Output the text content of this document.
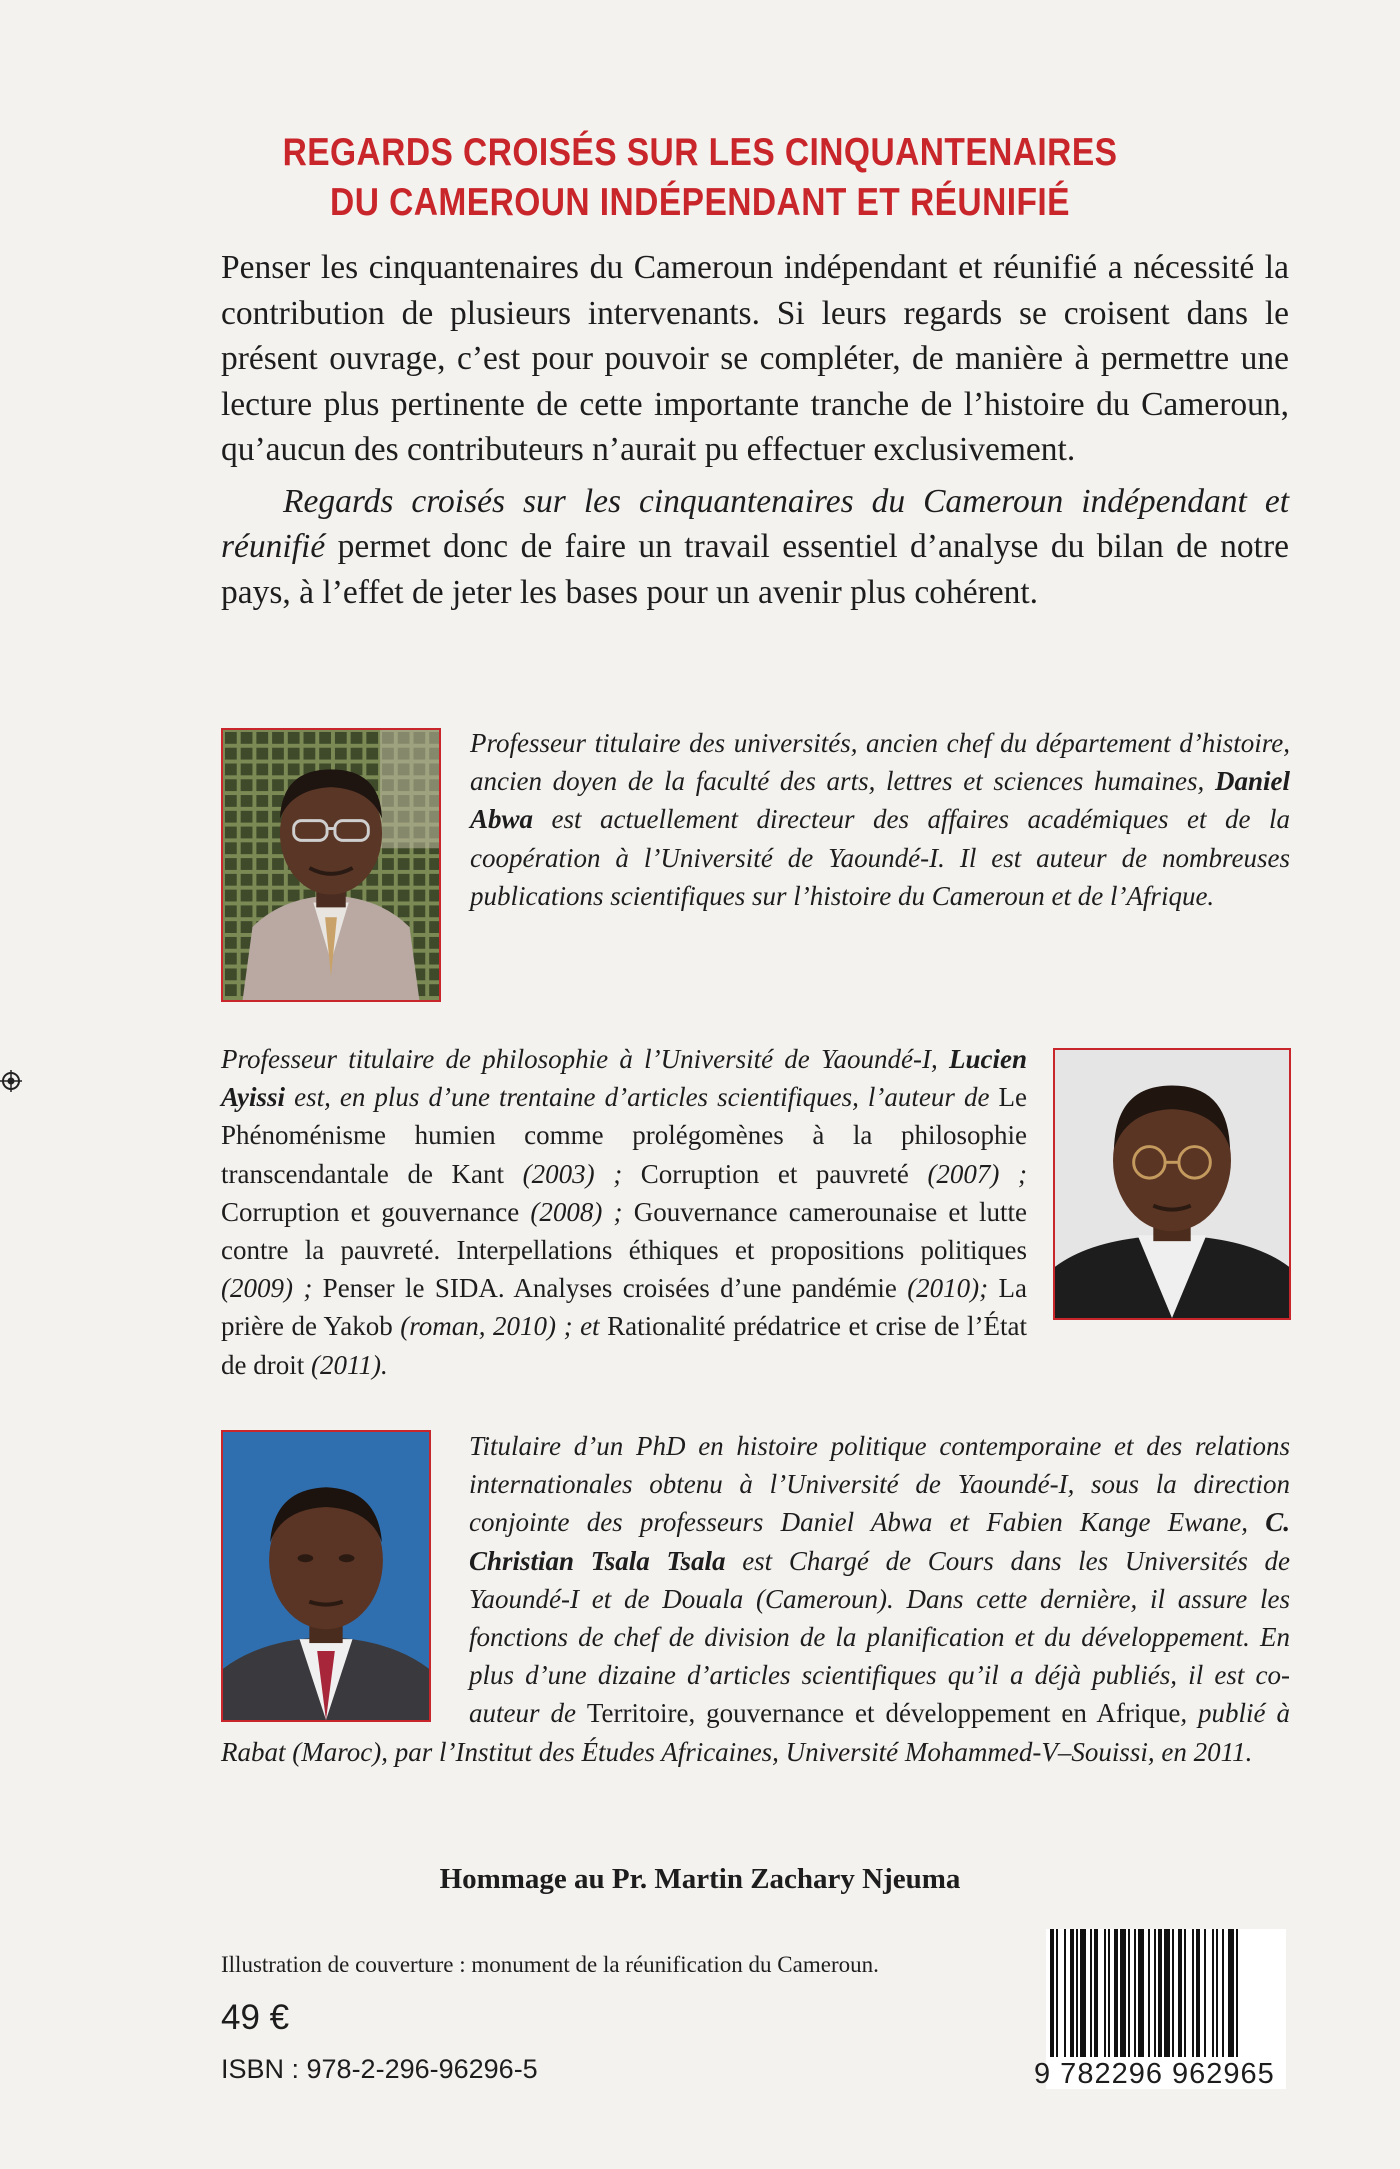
REGARDS CROISÉS SUR LES CINQUANTENAIRES
DU CAMEROUN INDÉPENDANT ET RÉUNIFIÉ

Penser les cinquantenaires du Cameroun indépendant et réunifié a nécessité la contribution de plusieurs intervenants. Si leurs regards se croisent dans le présent ouvrage, c’est pour pouvoir se compléter, de manière à permettre une lecture plus pertinente de cette importante tranche de l’histoire du Cameroun, qu’aucun des contributeurs n’aurait pu effectuer exclusivement.

Regards croisés sur les cinquantenaires du Cameroun indépendant et réunifié permet donc de faire un travail essentiel d’analyse du bilan de notre pays, à l’effet de jeter les bases pour un avenir plus cohérent.

Professeur titulaire des universités, ancien chef du département d’histoire, ancien doyen de la faculté des arts, lettres et sciences humaines, Daniel Abwa est actuellement directeur des affaires académiques et de la coopération à l’Université de Yaoundé-I. Il est auteur de nombreuses publications scientifiques sur l’histoire du Cameroun et de l’Afrique.

Professeur titulaire de philosophie à l’Université de Yaoundé-I, Lucien Ayissi est, en plus d’une trentaine d’articles scientifiques, l’auteur de Le Phénoménisme humien comme prolégomènes à la philosophie transcendantale de Kant (2003) ; Corruption et pauvreté (2007) ; Corruption et gouvernance (2008) ; Gouvernance camerounaise et lutte contre la pauvreté. Interpellations éthiques et propositions politiques (2009) ; Penser le SIDA. Analyses croisées d’une pandémie (2010); La prière de Yakob (roman, 2010) ; et Rationalité prédatrice et crise de l’État de droit (2011).

Titulaire d’un PhD en histoire politique contemporaine et des relations internationales obtenu à l’Université de Yaoundé-I, sous la direction conjointe des professeurs Daniel Abwa et Fabien Kange Ewane, C. Christian Tsala Tsala est Chargé de Cours dans les Universités de Yaoundé-I et de Douala (Cameroun). Dans cette dernière, il assure les fonctions de chef de division de la planification et du développement. En plus d’une dizaine d’articles scientifiques qu’il a déjà publiés, il est co-auteur de Territoire, gouvernance et développement en Afrique, publié à Rabat (Maroc), par l’Institut des Études Africaines, Université Mohammed-V–Souissi, en 2011.

Hommage au Pr. Martin Zachary Njeuma
Illustration de couverture : monument de la réunification du Cameroun.
49 €
ISBN : 978-2-296-96296-5	9 782296 962965
